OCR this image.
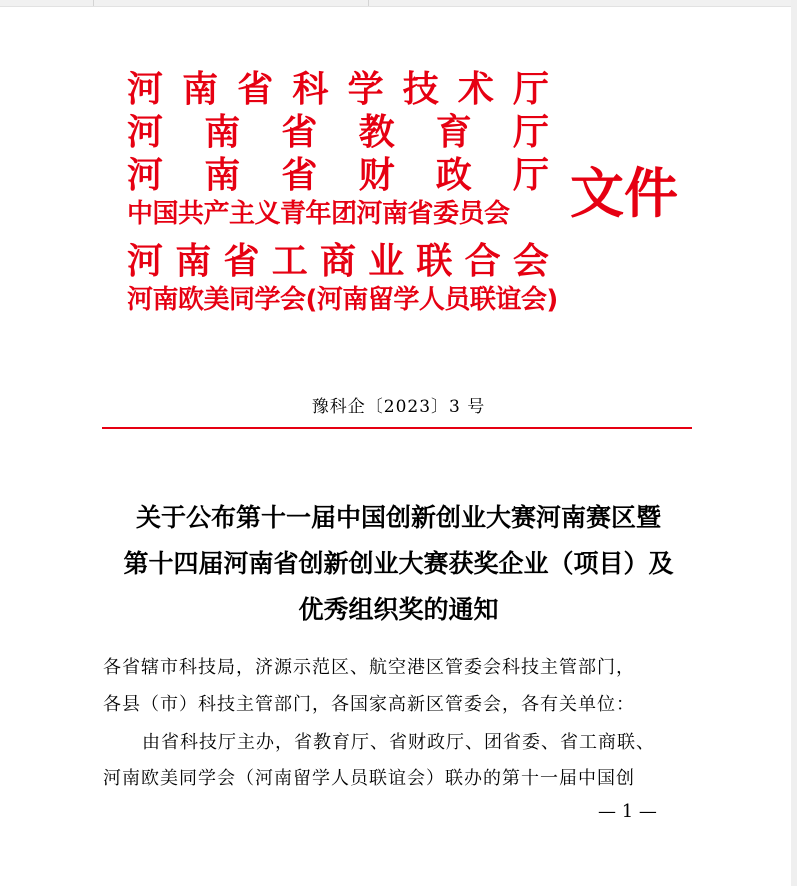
河 南 省 科 学 技 术 厅
河 南 省 教 育 厅
河 南 省 财 政 厅
中国共产主义青年团河南省委员会
河 南 省 工 商 业 联 合 会
河南欧美同学会(河南留学人员联谊会)
文件
豫科企〔2023〕3 号
关于公布第十一届中国创新创业大赛河南赛区暨
第十四届河南省创新创业大赛获奖企业（项目）及
优秀组织奖的通知
各省辖市科技局，济源示范区、航空港区管委会科技主管部门，
各县（市）科技主管部门，各国家高新区管委会，各有关单位：
由省科技厅主办，省教育厅、省财政厅、团省委、省工商联、
河南欧美同学会（河南留学人员联谊会）联办的第十一届中国创
— 1 —
